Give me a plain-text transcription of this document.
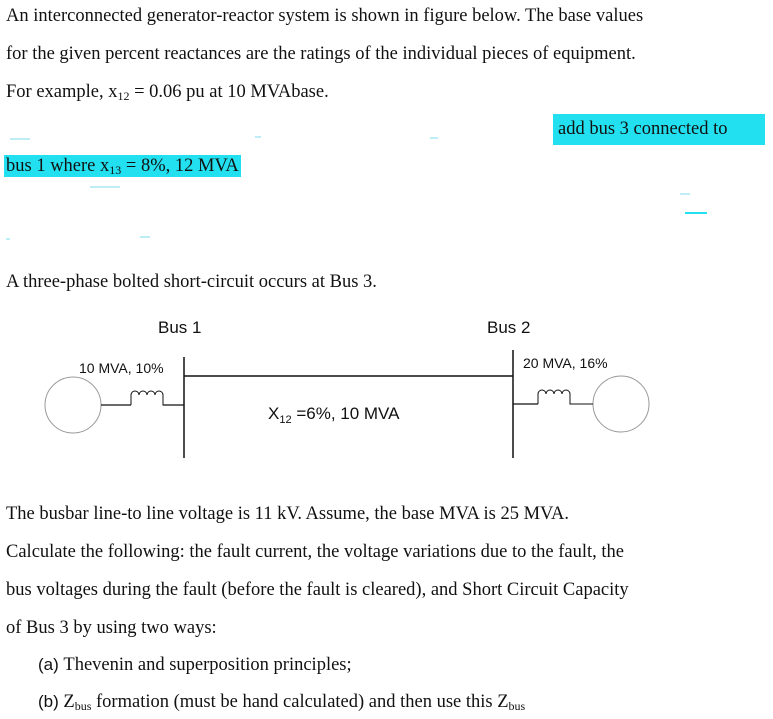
An interconnected generator-reactor system is shown in figure below. The base values
for the given percent reactances are the ratings of the individual pieces of equipment.
For example, $x_{12} = 0.06$ pu at 10 MVAbase.
add bus 3 connected to
bus 1 where $x_{13} = 8\%$, 12 MVA
A three-phase bolted short-circuit occurs at Bus 3.
Bus 1	Bus 2
10 MVA, 10%	20 MVA, 16%
$X_{12} =6\%$, 10 MVA
The busbar line-to line voltage is 11 kV. Assume, the base MVA is 25 MVA.
Calculate the following: the fault current, the voltage variations due to the fault, the
bus voltages during the fault (before the fault is cleared), and Short Circuit Capacity
of Bus 3 by using two ways:
(a) Thevenin and superposition principles;
(b) $Z_{bus}$ formation (must be hand calculated) and then use this $Z_{bus}$
